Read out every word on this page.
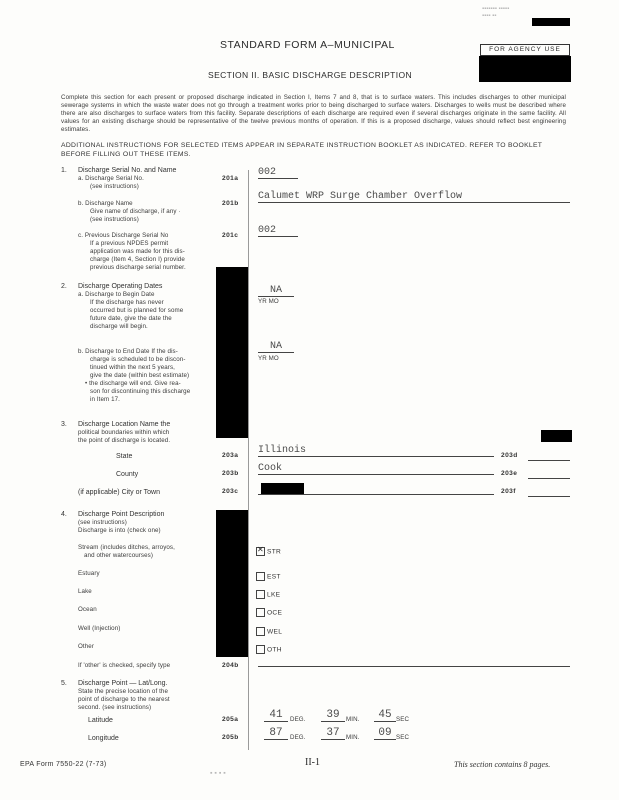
▪▪▪▪▪▪▪ ▪▪▪▪▪
▪▪▪▪ ▪▪
STANDARD FORM A–MUNICIPAL	FOR AGENCY USE
SECTION II. BASIC DISCHARGE DESCRIPTION
Complete this section for each present or proposed discharge indicated in Section I, Items 7 and 8, that is to surface waters. This includes discharges to other municipal sewerage systems in which the waste water does not go through a treatment works prior to being discharged to surface waters. Discharges to wells must be described where there are also discharges to surface waters from this facility. Separate descriptions of each discharge are required even if several discharges originate in the same facility. All values for an existing discharge should be representative of the twelve previous months of operation. If this is a proposed discharge, values should reflect best engineering estimates.
ADDITIONAL INSTRUCTIONS FOR SELECTED ITEMS APPEAR IN SEPARATE INSTRUCTION BOOKLET AS INDICATED. REFER TO BOOKLET BEFORE FILLING OUT THESE ITEMS.
1. Discharge Serial No. and Name
a. Discharge Serial No.
(see instructions)
201a
002
b. Discharge Name
Give name of discharge, if any ·
(see instructions)
201b
Calumet WRP Surge Chamber Overflow
c. Previous Discharge Serial No
If a previous NPDES permit
application was made for this dis-
charge (Item 4, Section I) provide
previous discharge serial number.
201c 002
2. Discharge Operating Dates
a. Discharge to Begin Date
If the discharge has never
occurred but is planned for some
future date, give the date the
discharge will begin.
NA
YR MO
b. Discharge to End Date If the dis-
charge is scheduled to be discon-
tinued within the next 5 years,
give the date (within best estimate)
• the discharge will end. Give rea-
son for discontinuing this discharge
in Item 17.
NA
YR MO
3. Discharge Location Name the
political boundaries within which
the point of discharge is located.
State	203a Illinois	203d
County	203b Cook	203e
(if applicable) City or Town	203c	203f
4. Discharge Point Description
(see instructions)
Discharge is into (check one)
Stream (includes ditches, arroyos,
and other watercourses)
✕ STR
Estuary	EST
Lake	LKE
Ocean	OCE
Well (Injection)	WEL
Other	OTH
If 'other' is checked, specify type	204b
5. Discharge Point — Lat/Long.
State the precise location of the
point of discharge to the nearest
second. (see instructions)
Latitude	205a	41	DEG.	39	MIN.	45 SEC
Longitude	205b	87	DEG.	37	MIN.	09 SEC
EPA Form 7550-22 (7-73)	II-1	This section contains 8 pages.
▪ ▪ ▪ ▪
